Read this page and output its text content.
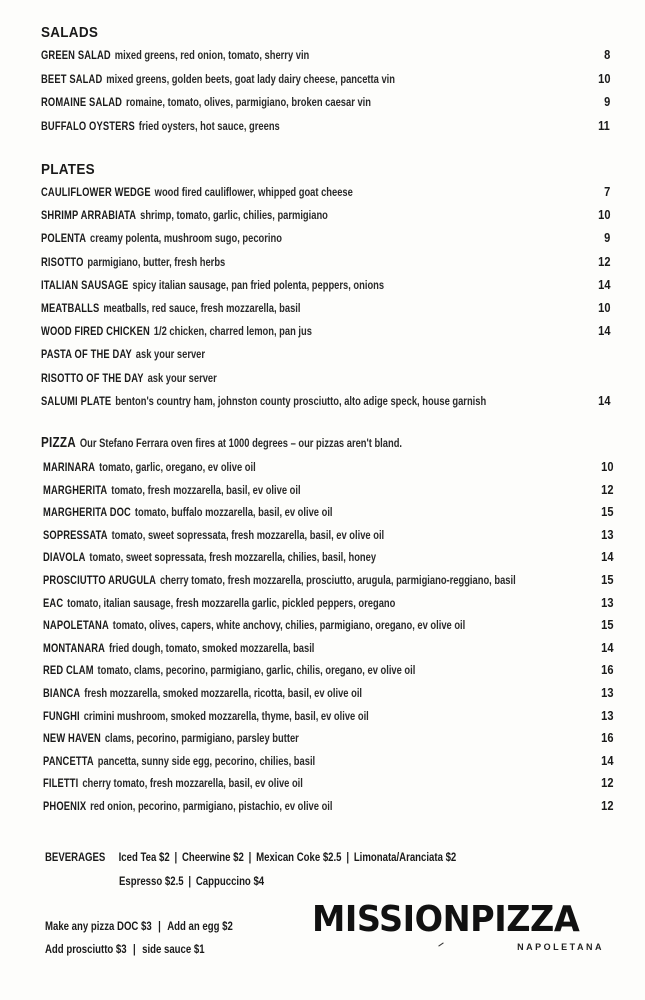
SALADS
GREEN SALAD mixed greens, red onion, tomato, sherry vin	8
BEET SALAD mixed greens, golden beets, goat lady dairy cheese, pancetta vin	10
ROMAINE SALAD romaine, tomato, olives, parmigiano, broken caesar vin	9
BUFFALO OYSTERS fried oysters, hot sauce, greens	11
PLATES
CAULIFLOWER WEDGE wood fired cauliflower, whipped goat cheese	7
SHRIMP ARRABIATA shrimp, tomato, garlic, chilies, parmigiano	10
POLENTA creamy polenta, mushroom sugo, pecorino	9
RISOTTO parmigiano, butter, fresh herbs	12
ITALIAN SAUSAGE spicy italian sausage, pan fried polenta, peppers, onions	14
MEATBALLS meatballs, red sauce, fresh mozzarella, basil	10
WOOD FIRED CHICKEN 1/2 chicken, charred lemon, pan jus	14
PASTA OF THE DAY ask your server
RISOTTO OF THE DAY ask your server
SALUMI PLATE benton's country ham, johnston county prosciutto, alto adige speck, house garnish	14
PIZZA Our Stefano Ferrara oven fires at 1000 degrees – our pizzas aren't bland.
MARINARA tomato, garlic, oregano, ev olive oil	10
MARGHERITA tomato, fresh mozzarella, basil, ev olive oil	12
MARGHERITA DOC tomato, buffalo mozzarella, basil, ev olive oil	15
SOPRESSATA tomato, sweet sopressata, fresh mozzarella, basil, ev olive oil	13
DIAVOLA tomato, sweet sopressata, fresh mozzarella, chilies, basil, honey	14
PROSCIUTTO ARUGULA cherry tomato, fresh mozzarella, prosciutto, arugula, parmigiano-reggiano, basil	15
EAC tomato, italian sausage, fresh mozzarella garlic, pickled peppers, oregano	13
NAPOLETANA tomato, olives, capers, white anchovy, chilies, parmigiano, oregano, ev olive oil	15
MONTANARA fried dough, tomato, smoked mozzarella, basil	14
RED CLAM tomato, clams, pecorino, parmigiano, garlic, chilis, oregano, ev olive oil	16
BIANCA fresh mozzarella, smoked mozzarella, ricotta, basil, ev olive oil	13
FUNGHI crimini mushroom, smoked mozzarella, thyme, basil, ev olive oil	13
NEW HAVEN clams, pecorino, parmigiano, parsley butter	16
PANCETTA pancetta, sunny side egg, pecorino, chilies, basil	14
FILETTI cherry tomato, fresh mozzarella, basil, ev olive oil	12
PHOENIX red onion, pecorino, parmigiano, pistachio, ev olive oil	12
BEVERAGES Iced Tea $2 | Cheerwine $2 | Mexican Coke $2.5 | Limonata/Aranciata $2
Espresso $2.5 | Cappuccino $4
Make any pizza DOC $3 | Add an egg $2
Add prosciutto $3 | side sauce $1
MISSIONPIZZA
NAPOLETANA
